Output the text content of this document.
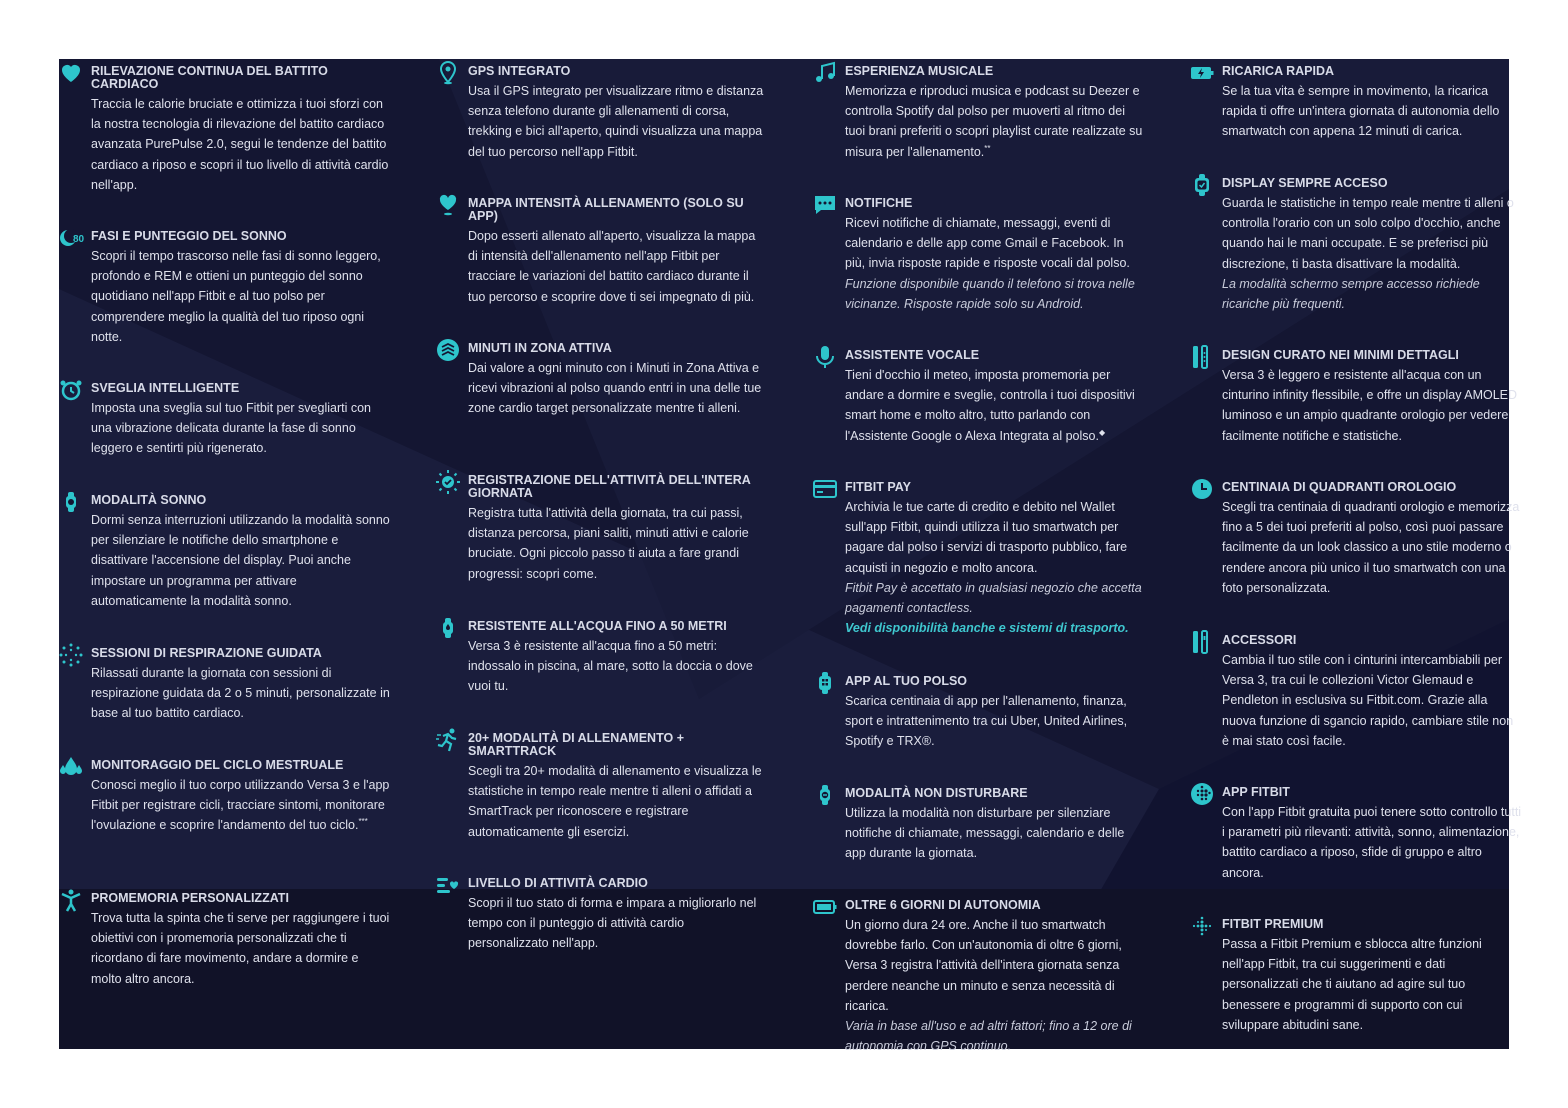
RILEVAZIONE CONTINUA DEL BATTITO CARDIACO

Traccia le calorie bruciate e ottimizza i tuoi sforzi con la nostra tecnologia di rilevazione del battito cardiaco avanzata PurePulse 2.0, segui le tendenze del battito cardiaco a riposo e scopri il tuo livello di attività cardio nell'app.

80 FASI E PUNTEGGIO DEL SONNO

Scopri il tempo trascorso nelle fasi di sonno leggero, profondo e REM e ottieni un punteggio del sonno quotidiano nell'app Fitbit e al tuo polso per comprendere meglio la qualità del tuo riposo ogni notte.

SVEGLIA INTELLIGENTE

Imposta una sveglia sul tuo Fitbit per svegliarti con una vibrazione delicata durante la fase di sonno leggero e sentirti più rigenerato.

MODALITÀ SONNO

Dormi senza interruzioni utilizzando la modalità sonno per silenziare le notifiche dello smartphone e disattivare l'accensione del display. Puoi anche impostare un programma per attivare automaticamente la modalità sonno.

SESSIONI DI RESPIRAZIONE GUIDATA

Rilassati durante la giornata con sessioni di respirazione guidata da 2 o 5 minuti, personalizzate in base al tuo battito cardiaco.

MONITORAGGIO DEL CICLO MESTRUALE

Conosci meglio il tuo corpo utilizzando Versa 3 e l'app Fitbit per registrare cicli, tracciare sintomi, monitorare l'ovulazione e scoprire l'andamento del tuo ciclo.***

PROMEMORIA PERSONALIZZATI

Trova tutta la spinta che ti serve per raggiungere i tuoi obiettivi con i promemoria personalizzati che ti ricordano di fare movimento, andare a dormire e molto altro ancora.

GPS INTEGRATO

Usa il GPS integrato per visualizzare ritmo e distanza senza telefono durante gli allenamenti di corsa, trekking e bici all'aperto, quindi visualizza una mappa del tuo percorso nell'app Fitbit.

MAPPA INTENSITÀ ALLENAMENTO (SOLO SU APP)

Dopo esserti allenato all'aperto, visualizza la mappa di intensità dell'allenamento nell'app Fitbit per tracciare le variazioni del battito cardiaco durante il tuo percorso e scoprire dove ti sei impegnato di più.

MINUTI IN ZONA ATTIVA

Dai valore a ogni minuto con i Minuti in Zona Attiva e ricevi vibrazioni al polso quando entri in una delle tue zone cardio target personalizzate mentre ti alleni.

REGISTRAZIONE DELL'ATTIVITÀ DELL'INTERA GIORNATA

Registra tutta l'attività della giornata, tra cui passi, distanza percorsa, piani saliti, minuti attivi e calorie bruciate. Ogni piccolo passo ti aiuta a fare grandi progressi: scopri come.

RESISTENTE ALL'ACQUA FINO A 50 METRI

Versa 3 è resistente all'acqua fino a 50 metri: indossalo in piscina, al mare, sotto la doccia o dove vuoi tu.

20+ MODALITÀ DI ALLENAMENTO + SMARTTRACK

Scegli tra 20+ modalità di allenamento e visualizza le statistiche in tempo reale mentre ti alleni o affidati a SmartTrack per riconoscere e registrare automaticamente gli esercizi.

LIVELLO DI ATTIVITÀ CARDIO

Scopri il tuo stato di forma e impara a migliorarlo nel tempo con il punteggio di attività cardio personalizzato nell'app.

ESPERIENZA MUSICALE

Memorizza e riproduci musica e podcast su Deezer e controlla Spotify dal polso per muoverti al ritmo dei tuoi brani preferiti o scopri playlist curate realizzate su misura per l'allenamento.**

NOTIFICHE

Ricevi notifiche di chiamate, messaggi, eventi di calendario e delle app come Gmail e Facebook. In più, invia risposte rapide e risposte vocali dal polso.

Funzione disponibile quando il telefono si trova nelle vicinanze. Risposte rapide solo su Android.

ASSISTENTE VOCALE

Tieni d'occhio il meteo, imposta promemoria per andare a dormire e sveglie, controlla i tuoi dispositivi smart home e molto altro, tutto parlando con l'Assistente Google o Alexa Integrata al polso.◆

FITBIT PAY

Archivia le tue carte di credito e debito nel Wallet sull'app Fitbit, quindi utilizza il tuo smartwatch per pagare dal polso i servizi di trasporto pubblico, fare acquisti in negozio e molto ancora.

Fitbit Pay è accettato in qualsiasi negozio che accetta pagamenti contactless.

Vedi disponibilità banche e sistemi di trasporto.

APP AL TUO POLSO

Scarica centinaia di app per l'allenamento, finanza, sport e intrattenimento tra cui Uber, United Airlines, Spotify e TRX®.

MODALITÀ NON DISTURBARE

Utilizza la modalità non disturbare per silenziare notifiche di chiamate, messaggi, calendario e delle app durante la giornata.

OLTRE 6 GIORNI DI AUTONOMIA

Un giorno dura 24 ore. Anche il tuo smartwatch dovrebbe farlo. Con un'autonomia di oltre 6 giorni, Versa 3 registra l'attività dell'intera giornata senza perdere neanche un minuto e senza necessità di ricarica.

Varia in base all'uso e ad altri fattori; fino a 12 ore di autonomia con GPS continuo.

RICARICA RAPIDA

Se la tua vita è sempre in movimento, la ricarica rapida ti offre un'intera giornata di autonomia dello smartwatch con appena 12 minuti di carica.

DISPLAY SEMPRE ACCESO

Guarda le statistiche in tempo reale mentre ti alleni o controlla l'orario con un solo colpo d'occhio, anche quando hai le mani occupate. E se preferisci più discrezione, ti basta disattivare la modalità.

La modalità schermo sempre accesso richiede ricariche più frequenti.

DESIGN CURATO NEI MINIMI DETTAGLI

Versa 3 è leggero e resistente all'acqua con un cinturino infinity flessibile, e offre un display AMOLED luminoso e un ampio quadrante orologio per vedere facilmente notifiche e statistiche.

CENTINAIA DI QUADRANTI OROLOGIO

Scegli tra centinaia di quadranti orologio e memorizza fino a 5 dei tuoi preferiti al polso, così puoi passare facilmente da un look classico a uno stile moderno o rendere ancora più unico il tuo smartwatch con una foto personalizzata.

ACCESSORI

Cambia il tuo stile con i cinturini intercambiabili per Versa 3, tra cui le collezioni Victor Glemaud e Pendleton in esclusiva su Fitbit.com. Grazie alla nuova funzione di sgancio rapido, cambiare stile non è mai stato così facile.

APP FITBIT

Con l'app Fitbit gratuita puoi tenere sotto controllo tutti i parametri più rilevanti: attività, sonno, alimentazione, battito cardiaco a riposo, sfide di gruppo e altro ancora.

FITBIT PREMIUM

Passa a Fitbit Premium e sblocca altre funzioni nell'app Fitbit, tra cui suggerimenti e dati personalizzati che ti aiutano ad agire sul tuo benessere e programmi di supporto con cui sviluppare abitudini sane.
